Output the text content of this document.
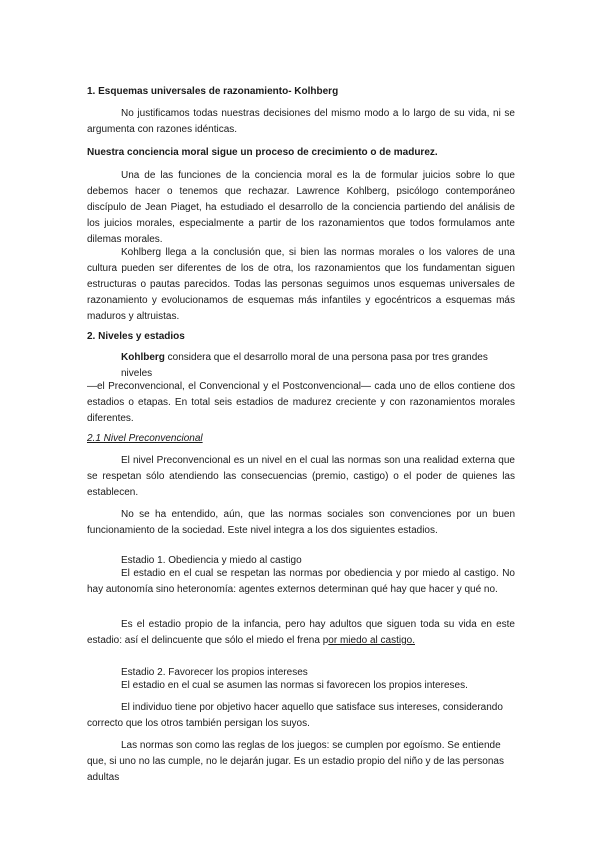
1. Esquemas universales de razonamiento- Kolhberg

No justificamos todas nuestras decisiones del mismo modo a lo largo de su vida, ni se argumenta con razones idénticas.

Nuestra conciencia moral sigue un proceso de crecimiento o de madurez.

Una de las funciones de la conciencia moral es la de formular juicios sobre lo que debemos hacer o tenemos que rechazar. Lawrence Kohlberg, psicólogo contemporáneo discípulo de Jean Piaget, ha estudiado el desarrollo de la conciencia partiendo del análisis de los juicios morales, especialmente a partir de los razonamientos que todos formulamos ante dilemas morales.

Kohlberg llega a la conclusión que, si bien las normas morales o los valores de una cultura pueden ser diferentes de los de otra, los razonamientos que los fundamentan siguen estructuras o pautas parecidos. Todas las personas seguimos unos esquemas universales de razonamiento y evolucionamos de esquemas más infantiles y egocéntricos a esquemas más maduros y altruistas.

2. Niveles y estadios

Kohlberg considera que el desarrollo moral de una persona pasa por tres grandes niveles

—el Preconvencional, el Convencional y el Postconvencional— cada uno de ellos contiene dos estadios o etapas. En total seis estadios de madurez creciente y con razonamientos morales diferentes.

2.1 Nivel Preconvencional

El nivel Preconvencional es un nivel en el cual las normas son una realidad externa que se respetan sólo atendiendo las consecuencias (premio, castigo) o el poder de quienes las establecen.

No se ha entendido, aún, que las normas sociales son convenciones por un buen funcionamiento de la sociedad. Este nivel integra a los dos siguientes estadios.

Estadio 1. Obediencia y miedo al castigo

El estadio en el cual se respetan las normas por obediencia y por miedo al castigo. No hay autonomía sino heteronomía: agentes externos determinan qué hay que hacer y qué no.

Es el estadio propio de la infancia, pero hay adultos que siguen toda su vida en este estadio: así el delincuente que sólo el miedo el frena por miedo al castigo.

Estadio 2. Favorecer los propios intereses

El estadio en el cual se asumen las normas si favorecen los propios intereses.

El individuo tiene por objetivo hacer aquello que satisface sus intereses, considerando correcto que los otros también persigan los suyos.

Las normas son como las reglas de los juegos: se cumplen por egoísmo. Se entiende que, si uno no las cumple, no le dejarán jugar. Es un estadio propio del niño y de las personas adultas
